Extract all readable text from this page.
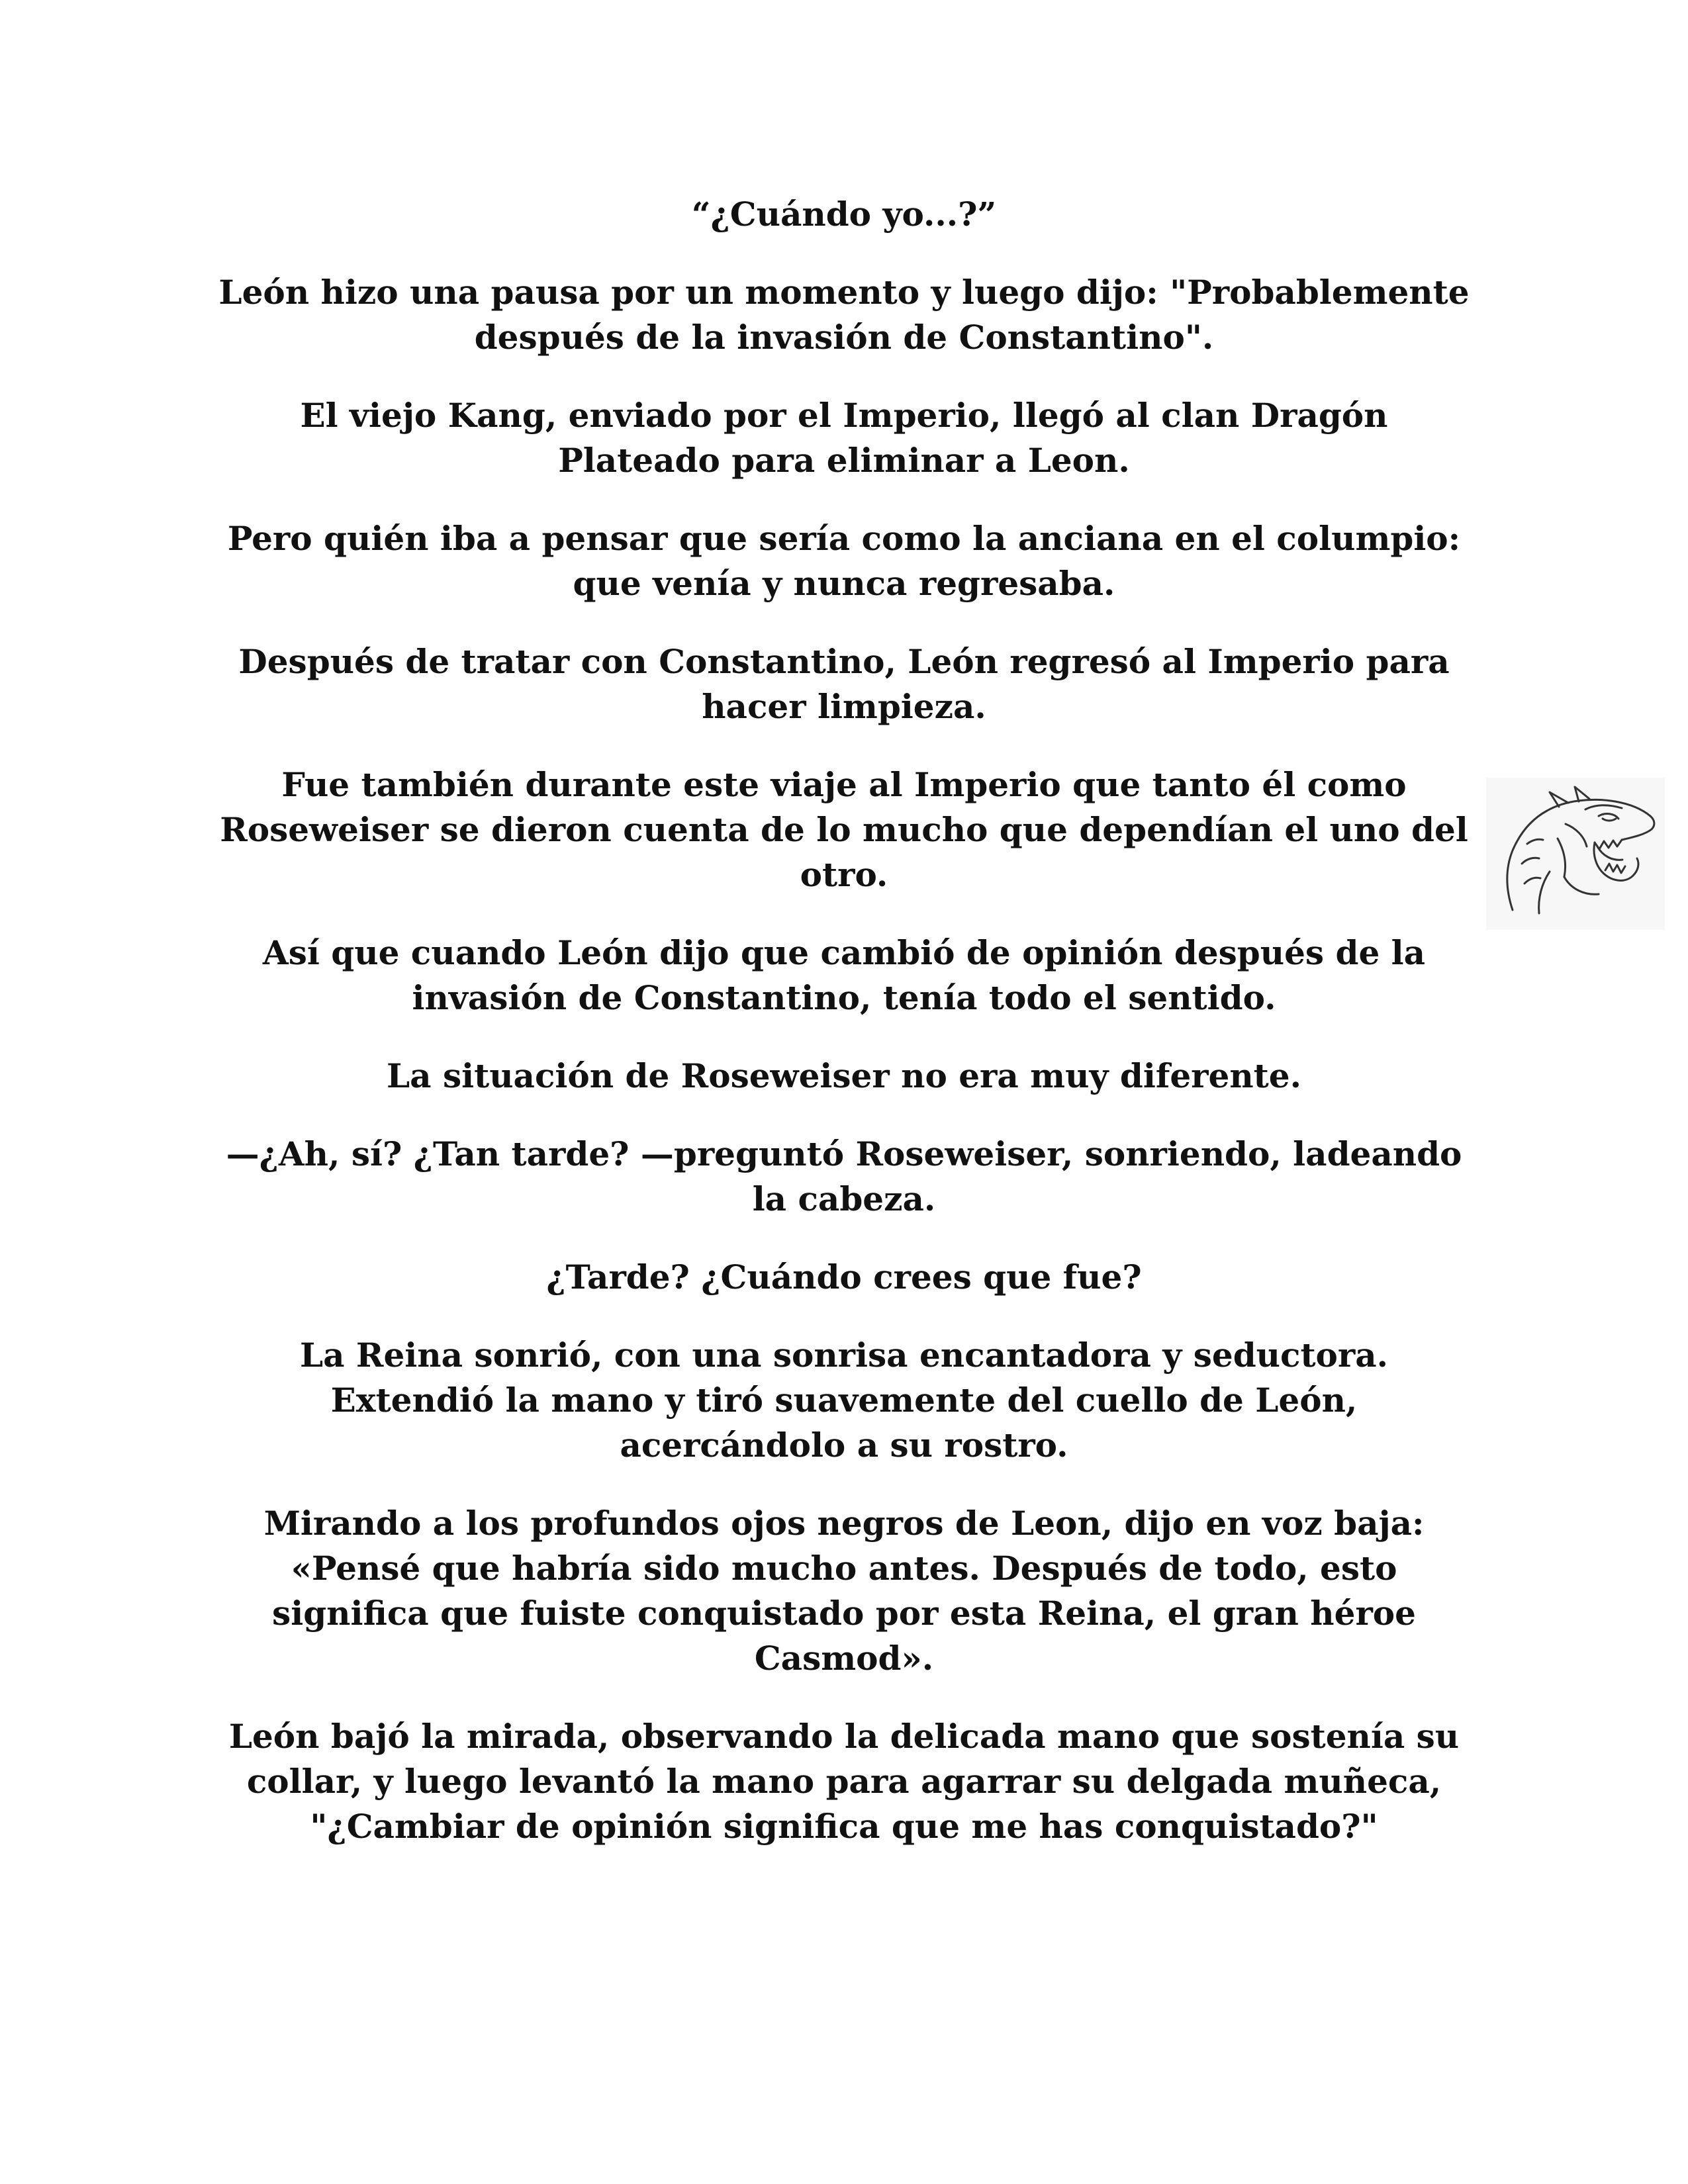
“¿Cuándo yo...?”

León hizo una pausa por un momento y luego dijo: "Probablemente después de la invasión de Constantino".

El viejo Kang, enviado por el Imperio, llegó al clan Dragón Plateado para eliminar a Leon.

Pero quién iba a pensar que sería como la anciana en el columpio: que venía y nunca regresaba.

Después de tratar con Constantino, León regresó al Imperio para hacer limpieza.

Fue también durante este viaje al Imperio que tanto él como Roseweiser se dieron cuenta de lo mucho que dependían el uno del otro.

Así que cuando León dijo que cambió de opinión después de la invasión de Constantino, tenía todo el sentido.

La situación de Roseweiser no era muy diferente.

—¿Ah, sí? ¿Tan tarde? —preguntó Roseweiser, sonriendo, ladeando la cabeza.

¿Tarde? ¿Cuándo crees que fue?

La Reina sonrió, con una sonrisa encantadora y seductora. Extendió la mano y tiró suavemente del cuello de León, acercándolo a su rostro.

Mirando a los profundos ojos negros de Leon, dijo en voz baja: «Pensé que habría sido mucho antes. Después de todo, esto significa que fuiste conquistado por esta Reina, el gran héroe Casmod».

León bajó la mirada, observando la delicada mano que sostenía su collar, y luego levantó la mano para agarrar su delgada muñeca, "¿Cambiar de opinión significa que me has conquistado?"
